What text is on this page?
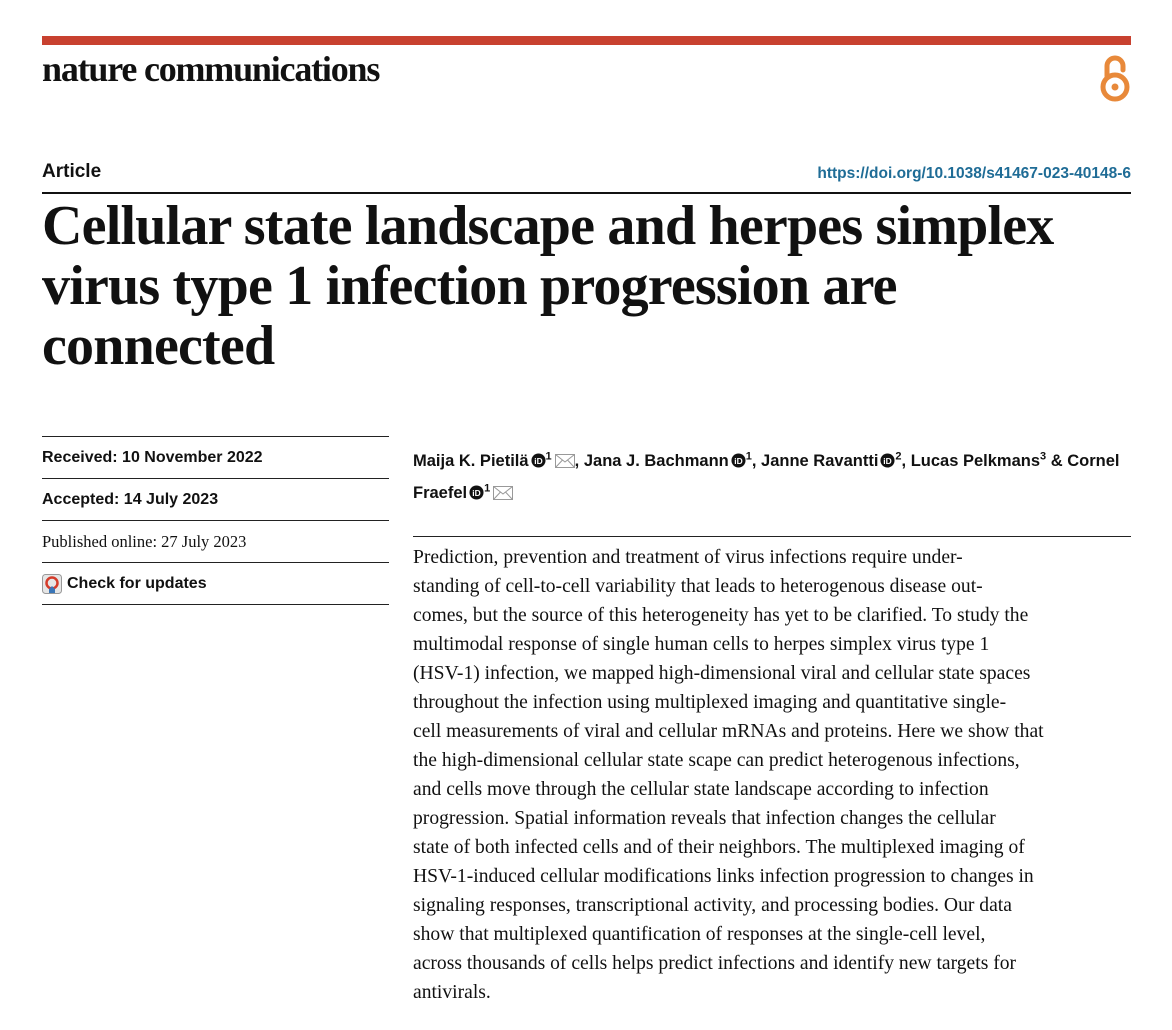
nature communications
Article	https://doi.org/10.1038/s41467-023-40148-6
Cellular state landscape and herpes simplex virus type 1 infection progression are connected
Received: 10 November 2022
Accepted: 14 July 2023
Published online: 27 July 2023
Check for updates
Maija K. Pietilä iD $^1$ , Jana J. Bachmann iD $^1$, Janne Ravantti iD $^2$, Lucas Pelkmans$^3$ & Cornel Fraefel iD $^1$
Prediction, prevention and treatment of virus infections require under-
standing of cell-to-cell variability that leads to heterogenous disease out-
comes, but the source of this heterogeneity has yet to be clarified. To study the
multimodal response of single human cells to herpes simplex virus type 1
(HSV-1) infection, we mapped high-dimensional viral and cellular state spaces
throughout the infection using multiplexed imaging and quantitative single-
cell measurements of viral and cellular mRNAs and proteins. Here we show that
the high-dimensional cellular state scape can predict heterogenous infections,
and cells move through the cellular state landscape according to infection
progression. Spatial information reveals that infection changes the cellular
state of both infected cells and of their neighbors. The multiplexed imaging of
HSV-1-induced cellular modifications links infection progression to changes in
signaling responses, transcriptional activity, and processing bodies. Our data
show that multiplexed quantification of responses at the single-cell level,
across thousands of cells helps predict infections and identify new targets for
antivirals.
